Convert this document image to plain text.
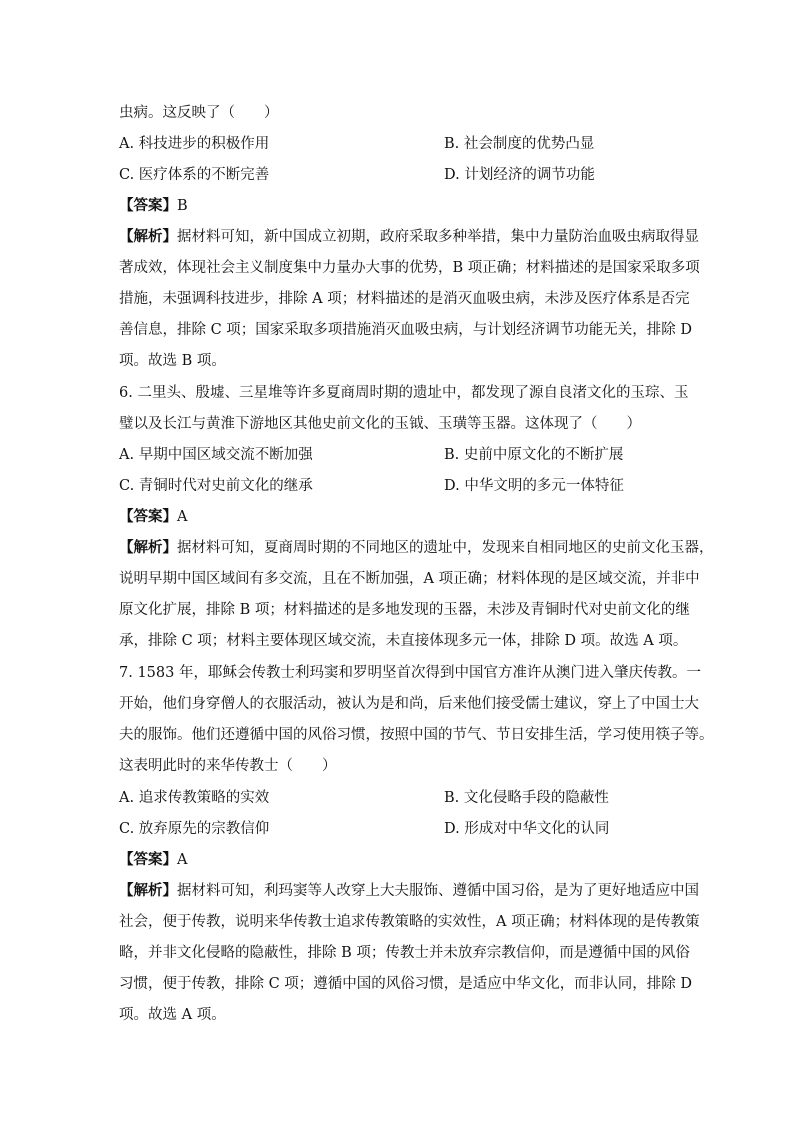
虫病。这反映了（　　）
A. 科技进步的积极作用	B. 社会制度的优势凸显
C. 医疗体系的不断完善	D. 计划经济的调节功能
【答案】B
【解析】据材料可知，新中国成立初期，政府采取多种举措，集中力量防治血吸虫病取得显
著成效，体现社会主义制度集中力量办大事的优势，B 项正确；材料描述的是国家采取多项
措施，未强调科技进步，排除 A 项；材料描述的是消灭血吸虫病，未涉及医疗体系是否完
善信息，排除 C 项；国家采取多项措施消灭血吸虫病，与计划经济调节功能无关，排除 D
项。故选 B 项。
6. 二里头、殷墟、三星堆等许多夏商周时期的遗址中，都发现了源自良渚文化的玉琮、玉
璧以及长江与黄淮下游地区其他史前文化的玉钺、玉璜等玉器。这体现了（　　）
A. 早期中国区域交流不断加强	B. 史前中原文化的不断扩展
C. 青铜时代对史前文化的继承	D. 中华文明的多元一体特征
【答案】A
【解析】据材料可知，夏商周时期的不同地区的遗址中，发现来自相同地区的史前文化玉器，
说明早期中国区域间有多交流，且在不断加强，A 项正确；材料体现的是区域交流，并非中
原文化扩展，排除 B 项；材料描述的是多地发现的玉器，未涉及青铜时代对史前文化的继
承，排除 C 项；材料主要体现区域交流，未直接体现多元一体，排除 D 项。故选 A 项。
7. 1583 年，耶稣会传教士利玛窦和罗明坚首次得到中国官方准许从澳门进入肇庆传教。一
开始，他们身穿僧人的衣服活动，被认为是和尚，后来他们接受儒士建议，穿上了中国士大
夫的服饰。他们还遵循中国的风俗习惯，按照中国的节气、节日安排生活，学习使用筷子等。
这表明此时的来华传教士（　　）
A. 追求传教策略的实效	B. 文化侵略手段的隐蔽性
C. 放弃原先的宗教信仰	D. 形成对中华文化的认同
【答案】A
【解析】据材料可知，利玛窦等人改穿上大夫服饰、遵循中国习俗，是为了更好地适应中国
社会，便于传教，说明来华传教士追求传教策略的实效性，A 项正确；材料体现的是传教策
略，并非文化侵略的隐蔽性，排除 B 项；传教士并未放弃宗教信仰，而是遵循中国的风俗
习惯，便于传教，排除 C 项；遵循中国的风俗习惯，是适应中华文化，而非认同，排除 D
项。故选 A 项。
